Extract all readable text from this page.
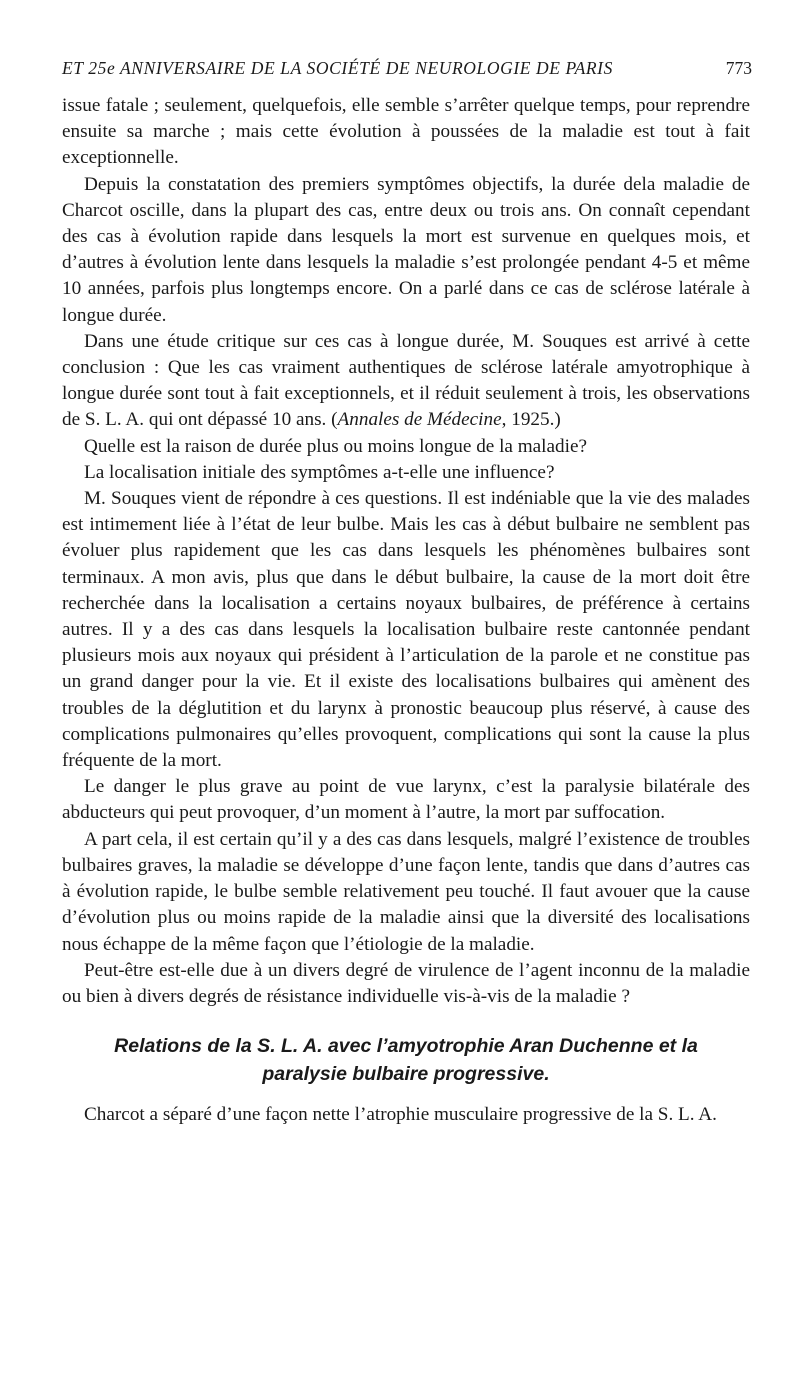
ET 25e ANNIVERSAIRE DE LA SOCIÉTÉ DE NEUROLOGIE DE PARIS	773

issue fatale ; seulement, quelquefois, elle semble s’arrêter quelque temps, pour reprendre ensuite sa marche ; mais cette évolution à poussées de la maladie est tout à fait exceptionnelle.

Depuis la constatation des premiers symptômes objectifs, la durée dela maladie de Charcot oscille, dans la plupart des cas, entre deux ou trois ans. On connaît cependant des cas à évolution rapide dans lesquels la mort est survenue en quelques mois, et d’autres à évolution lente dans lesquels la maladie s’est prolongée pendant 4-5 et même 10 années, parfois plus longtemps encore. On a parlé dans ce cas de sclérose latérale à longue durée.

Dans une étude critique sur ces cas à longue durée, M. Souques est arrivé à cette conclusion : Que les cas vraiment authentiques de sclérose latérale amyotrophique à longue durée sont tout à fait exceptionnels, et il réduit seulement à trois, les observations de S. L. A. qui ont dépassé 10 ans. (Annales de Médecine, 1925.)

Quelle est la raison de durée plus ou moins longue de la maladie?

La localisation initiale des symptômes a-t-elle une influence?

M. Souques vient de répondre à ces questions. Il est indéniable que la vie des malades est intimement liée à l’état de leur bulbe. Mais les cas à début bulbaire ne semblent pas évoluer plus rapidement que les cas dans lesquels les phénomènes bulbaires sont terminaux. A mon avis, plus que dans le début bulbaire, la cause de la mort doit être recherchée dans la localisation a certains noyaux bulbaires, de préférence à certains autres. Il y a des cas dans lesquels la localisation bulbaire reste cantonnée pendant plusieurs mois aux noyaux qui président à l’articulation de la parole et ne constitue pas un grand danger pour la vie. Et il existe des localisations bulbaires qui amènent des troubles de la déglutition et du larynx à pronostic beaucoup plus réservé, à cause des complications pulmonaires qu’elles provoquent, complications qui sont la cause la plus fréquente de la mort.

Le danger le plus grave au point de vue larynx, c’est la paralysie bilatérale des abducteurs qui peut provoquer, d’un moment à l’autre, la mort par suffocation.

A part cela, il est certain qu’il y a des cas dans lesquels, malgré l’existence de troubles bulbaires graves, la maladie se développe d’une façon lente, tandis que dans d’autres cas à évolution rapide, le bulbe semble relativement peu touché. Il faut avouer que la cause d’évolution plus ou moins rapide de la maladie ainsi que la diversité des localisations nous échappe de la même façon que l’étiologie de la maladie.

Peut-être est-elle due à un divers degré de virulence de l’agent inconnu de la maladie ou bien à divers degrés de résistance individuelle vis-à-vis de la maladie ?

Relations de la S. L. A. avec l’amyotrophie Aran Duchenne et la paralysie bulbaire progressive.

Charcot a séparé d’une façon nette l’atrophie musculaire progressive de la S. L. A.
